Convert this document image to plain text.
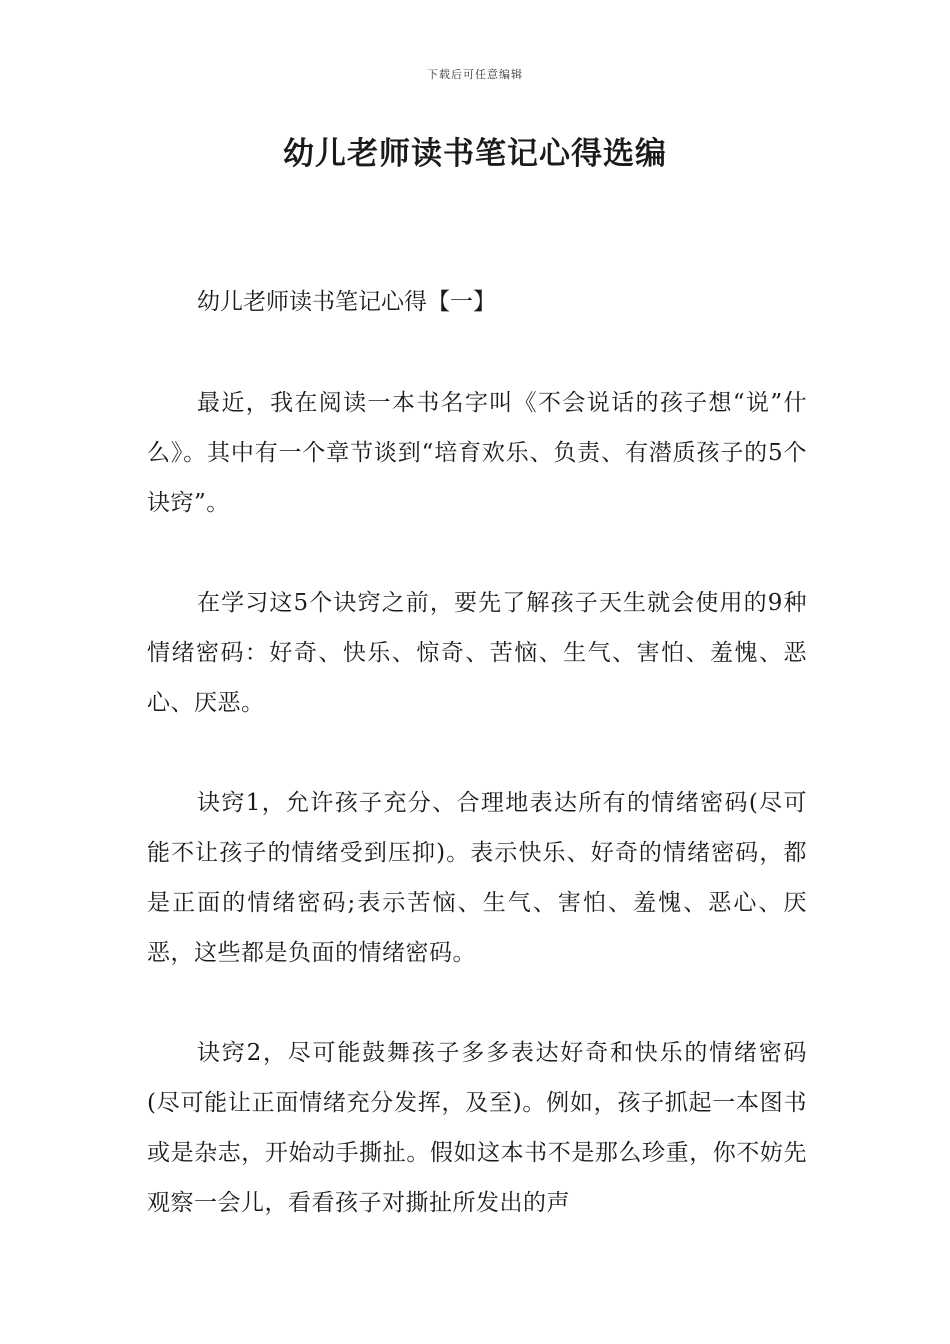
下载后可任意编辑
幼儿老师读书笔记心得选编
幼儿老师读书笔记心得【一】

最近，我在阅读一本书名字叫《不会说话的孩子想“说”什么》。其中有一个章节谈到“培育欢乐、负责、有潜质孩子的5个诀窍”。

在学习这5个诀窍之前，要先了解孩子天生就会使用的9种情绪密码：好奇、快乐、惊奇、苦恼、生气、害怕、羞愧、恶心、厌恶。

诀窍1，允许孩子充分、合理地表达所有的情绪密码(尽可能不让孩子的情绪受到压抑)。表示快乐、好奇的情绪密码，都是正面的情绪密码;表示苦恼、生气、害怕、羞愧、恶心、厌恶，这些都是负面的情绪密码。

诀窍2，尽可能鼓舞孩子多多表达好奇和快乐的情绪密码(尽可能让正面情绪充分发挥，及至)。例如，孩子抓起一本图书或是杂志，开始动手撕扯。假如这本书不是那么珍重，你不妨先观察一会儿，看看孩子对撕扯所发出的声
